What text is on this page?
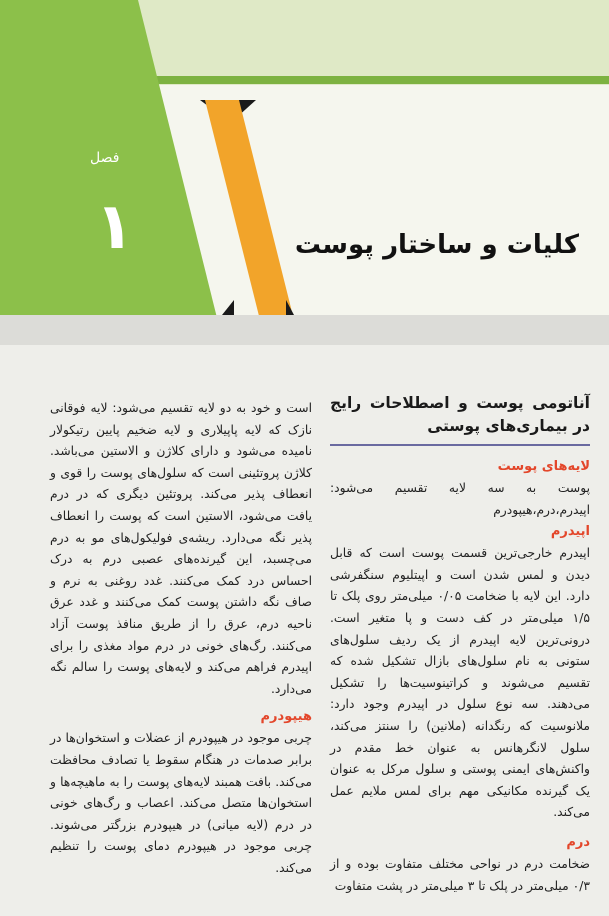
فصل
۱	کلیات و ساختار پوست
آناتومی پوست و اصطلاحات رایج در بیماری‌های پوستی
لایه‌های پوست

پوست به سه لایه تقسیم می‌شود: اپیدرم،درم،هیپودرم

اپیدرم

اپیدرم خارجی‌ترین قسمت پوست است که قابل دیدن و لمس شدن است و اپیتلیوم سنگفرشی دارد. این لایه با ضخامت ۰/۰۵ میلی‌متر روی پلک تا ۱/۵ میلی‌متر در کف دست و پا متغیر است. درونی‌ترین لایه اپیدرم از یک ردیف سلول‌های ستونی به نام سلول‌های بازال تشکیل شده که تقسیم می‌شوند و کراتینوسیت‌ها را تشکیل می‌دهند. سه نوع سلول در اپیدرم وجود دارد: ملانوسیت که رنگدانه (ملانین) را سنتز می‌کند، سلول لانگرهانس به عنوان خط مقدم در واکنش‌های ایمنی پوستی و سلول مرکل به عنوان یک گیرنده مکانیکی مهم برای لمس ملایم عمل می‌کند.

درم

ضخامت درم در نواحی مختلف متفاوت بوده و از ۰/۳ میلی‌متر در پلک تا ۳ میلی‌متر در پشت متفاوت

است و خود به دو لایه تقسیم می‌شود: لایه فوقانی نازک که لایه پاپیلاری و لایه ضخیم پایین رتیکولار نامیده می‌شود و دارای کلاژن و الاستین می‌باشد. کلاژن پروتئینی است که سلول‌های پوست را قوی و انعطاف پذیر می‌کند. پروتئین دیگری که در درم یافت می‌شود، الاستین است که پوست را انعطاف پذیر نگه می‌دارد. ریشه‌ی فولیکول‌های مو به درم می‌چسبد، این گیرنده‌های عصبی درم به درک احساس درد کمک می‌کنند. غدد روغنی به نرم و صاف نگه داشتن پوست کمک می‌کنند و غدد عرق ناحیه درم، عرق را از طریق منافذ پوست آزاد می‌کنند. رگ‌های خونی در درم مواد مغذی را برای اپیدرم فراهم می‌کند و لایه‌های پوست را سالم نگه می‌دارد.

هیپودرم

چربی موجود در هیپودرم از عضلات و استخوان‌ها در برابر صدمات در هنگام سقوط یا تصادف محافظت می‌کند. بافت همبند لایه‌های پوست را به ماهیچه‌ها و استخوان‌ها متصل می‌کند. اعصاب و رگ‌های خونی در درم (لایه میانی) در هیپودرم بزرگتر می‌شوند. چربی موجود در هیپودرم دمای پوست را تنظیم می‌کند.
